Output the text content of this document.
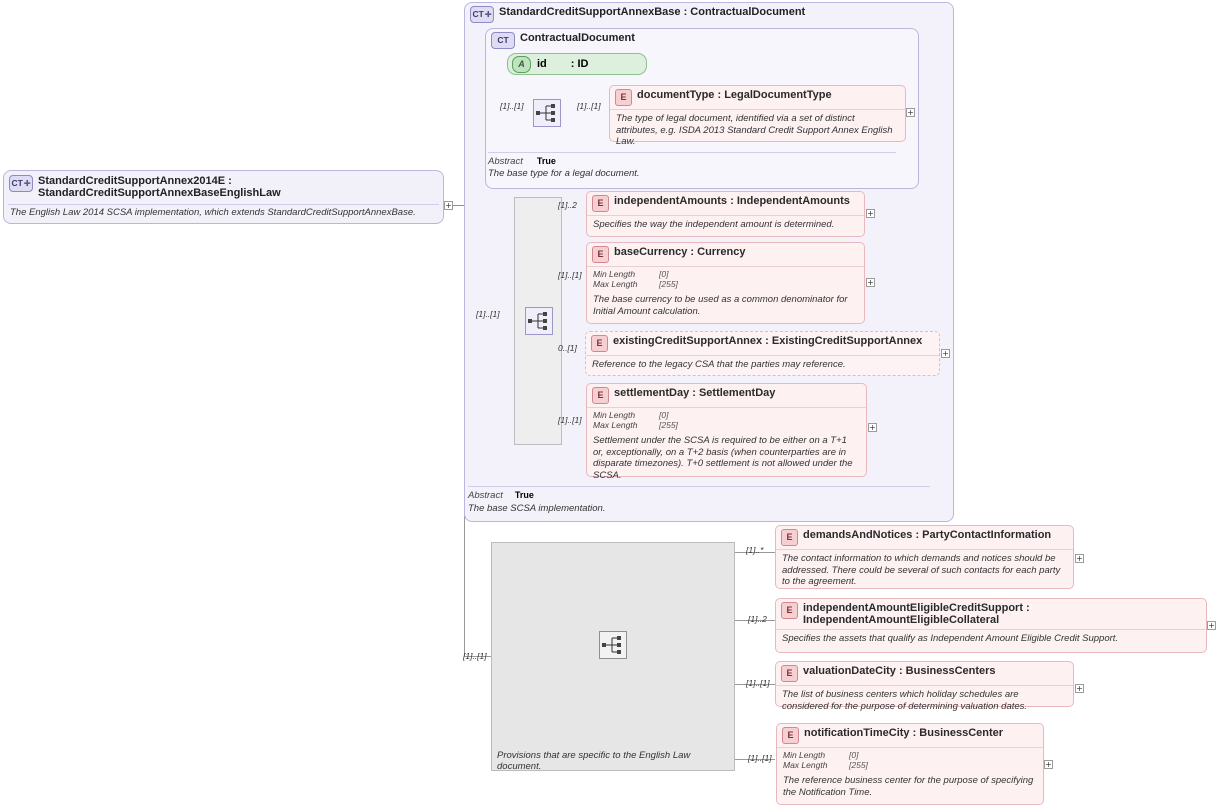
+
CT ✛ StandardCreditSupportAnnexBase : ContractualDocument
Abstract True
The base SCSA implementation.
CT	ContractualDocument
Abstract True
The base type for a legal document.
A	id : ID
[1]..[1]	[1]..[1]
E documentType : LegalDocumentType
The type of legal document, identified via a set of distinct attributes, e.g. ISDA 2013 Standard Credit Support Annex English Law.
+
[1]..[1]
[1]..2	E independentAmounts : IndependentAmounts
Specifies the way the independent amount is determined.
+
[1]..[1]
E baseCurrency : Currency
Min Length	[0]
Max Length	[255]
The base currency to be used as a common denominator for Initial Amount calculation.
+
0..[1]	E existingCreditSupportAnnex : ExistingCreditSupportAnnex
Reference to the legacy CSA that the parties may reference.
+
[1]..[1]
E settlementDay : SettlementDay
Min Length	[0]
Max Length	[255]
Settlement under the SCSA is required to be either on a T+1 or, exceptionally, on a T+2 basis (when counterparties are in disparate timezones). T+0 settlement is not allowed under the SCSA.
+
CT ✛ StandardCreditSupportAnnex2014E : StandardCreditSupportAnnexBaseEnglishLaw
The English Law 2014 SCSA implementation, which extends StandardCreditSupportAnnexBase.
[1]..[1]
Provisions that are specific to the English Law document.
[1]..*
E demandsAndNotices : PartyContactInformation
The contact information to which demands and notices should be addressed. There could be several of such contacts for each party to the agreement.
+
[1]..2
E independentAmountEligibleCreditSupport : IndependentAmountEligibleCollateral
Specifies the assets that qualify as Independent Amount Eligible Credit Support.
+
[1]..[1]
E valuationDateCity : BusinessCenters
The list of business centers which holiday schedules are considered for the purpose of determining valuation dates.
+
[1]..[1]
E notificationTimeCity : BusinessCenter
Min Length	[0]
Max Length	[255]
The reference business center for the purpose of specifying the Notification Time.
+
